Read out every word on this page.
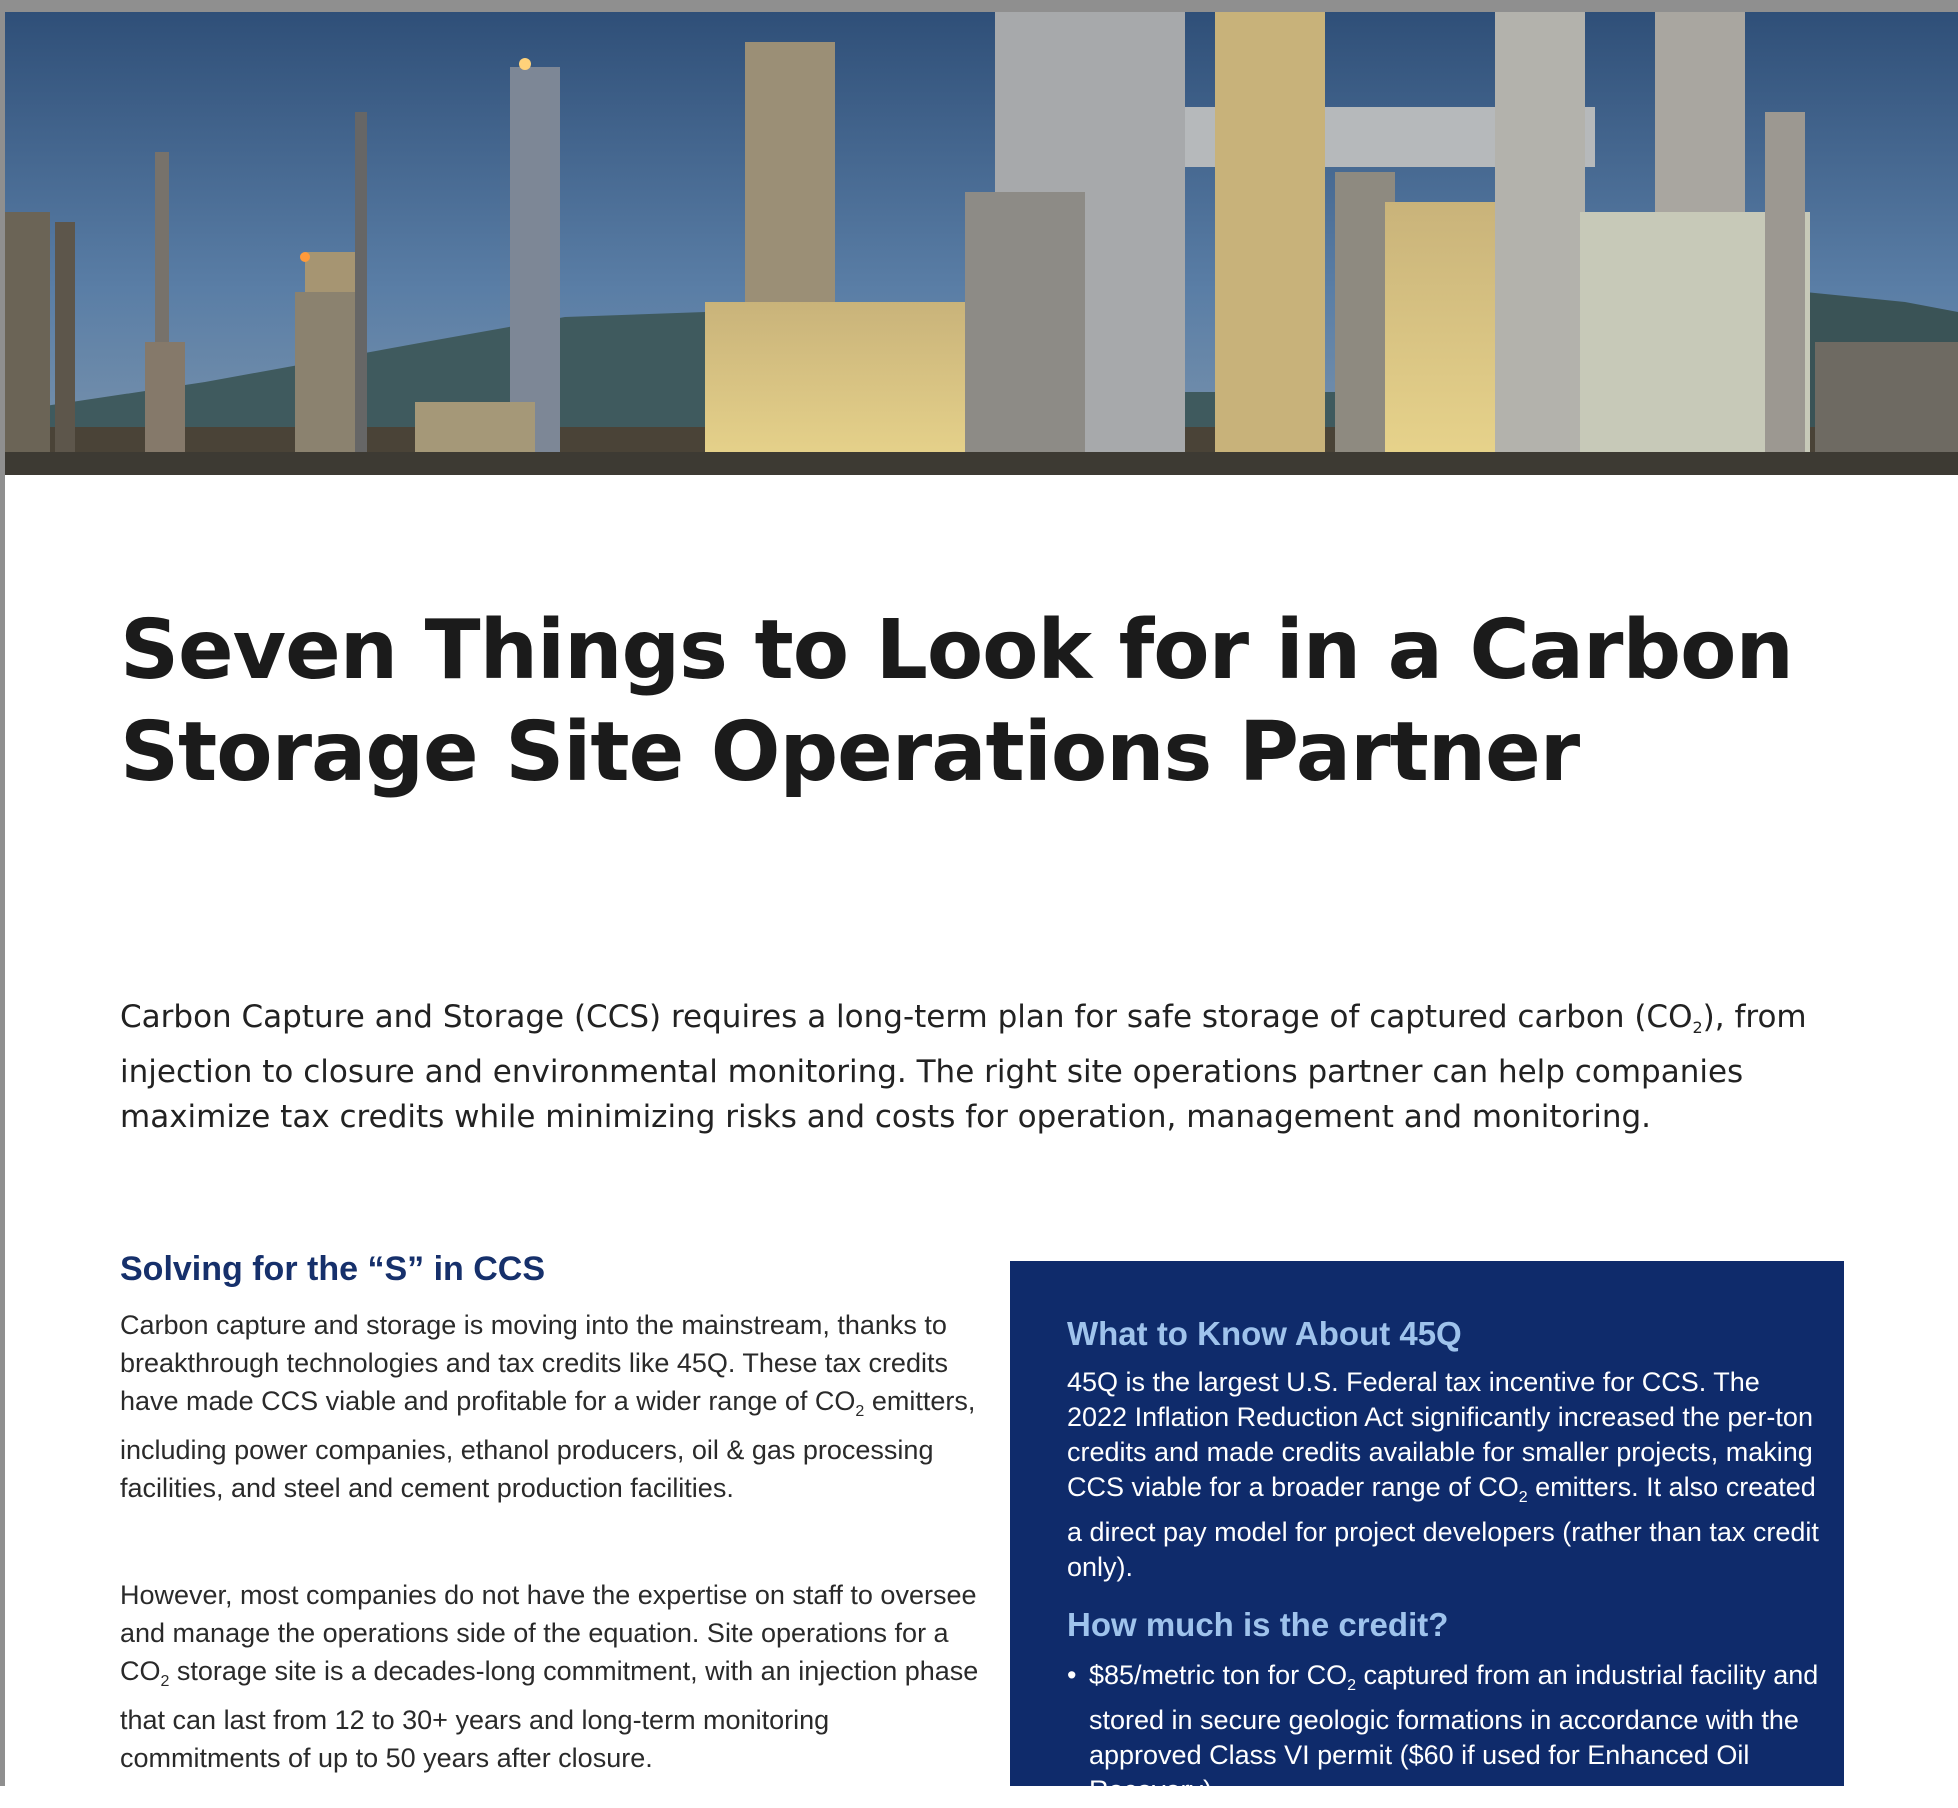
Seven Things to Look for in a Carbon Storage Site Operations Partner

Carbon Capture and Storage (CCS) requires a long-term plan for safe storage of captured carbon $(CO_2)$, from injection to closure and environmental monitoring. The right site operations partner can help companies maximize tax credits while minimizing risks and costs for operation, management and monitoring.

Solving for the “S” in CCS

Carbon capture and storage is moving into the mainstream, thanks to breakthrough technologies and tax credits like 45Q. These tax credits have made CCS viable and profitable for a wider range of $CO_2$ emitters, including power companies, ethanol producers, oil & gas processing facilities, and steel and cement production facilities.

However, most companies do not have the expertise on staff to oversee and manage the operations side of the equation. Site operations for a $CO_2$ storage site is a decades-long commitment, with an injection phase that can last from 12 to 30+ years and long-term monitoring commitments of up to 50 years after closure.

What to Know About 45Q

45Q is the largest U.S. Federal tax incentive for CCS. The 2022 Inflation Reduction Act significantly increased the per-ton credits and made credits available for smaller projects, making CCS viable for a broader range of $CO_2$ emitters. It also created a direct pay model for project developers (rather than tax credit only).

How much is the credit?

• $85/metric ton for $CO_2$ captured from an industrial facility and stored in secure geologic formations in accordance with the approved Class VI permit ($60 if used for Enhanced Oil Recovery)
